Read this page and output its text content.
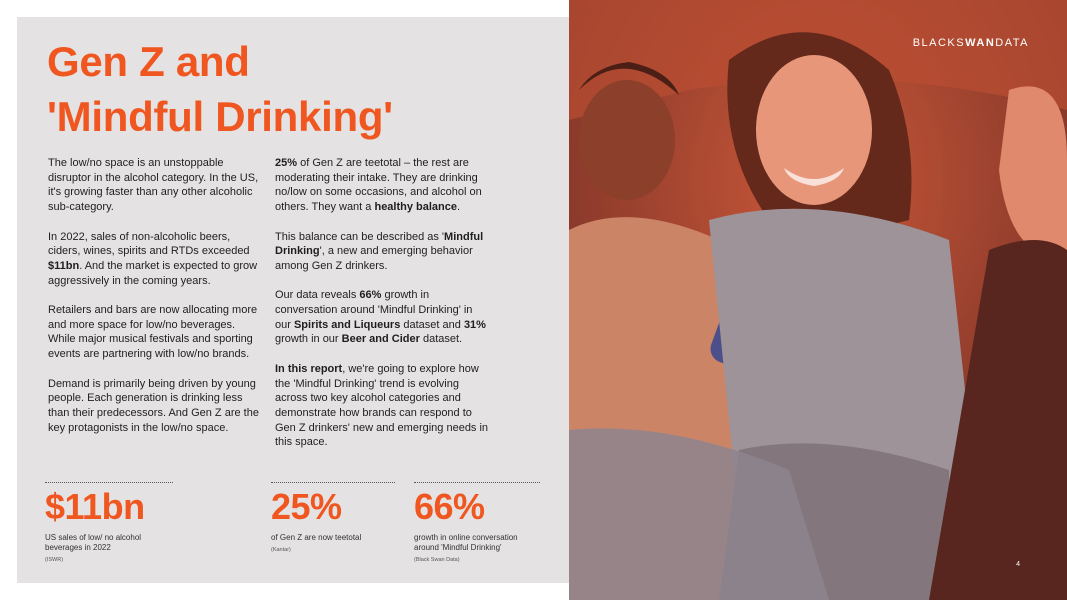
Gen Z and
'Mindful Drinking'

The low/no space is an unstoppable disruptor in the alcohol category. In the US, it's growing faster than any other alcoholic sub-category.

In 2022, sales of non-alcoholic beers, ciders, wines, spirits and RTDs exceeded $11bn. And the market is expected to grow aggressively in the coming years.

Retailers and bars are now allocating more and more space for low/no beverages. While major musical festivals and sporting events are partnering with low/no brands.

Demand is primarily being driven by young people. Each generation is drinking less than their predecessors. And Gen Z are the key protagonists in the low/no space.

25% of Gen Z are teetotal – the rest are moderating their intake. They are drinking no/low on some occasions, and alcohol on others. They want a healthy balance.

This balance can be described as 'Mindful Drinking', a new and emerging behavior among Gen Z drinkers.

Our data reveals 66% growth in conversation around 'Mindful Drinking' in our Spirits and Liqueurs dataset and 31% growth in our Beer and Cider dataset.

In this report, we're going to explore how the 'Mindful Drinking' trend is evolving across two key alcohol categories and demonstrate how brands can respond to Gen Z drinkers' new and emerging needs in this space.

$11bn
US sales of low/ no alcohol beverages in 2022
(ISWR)
25%
of Gen Z are now teetotal
(Kantar)
66%
growth in online conversation around 'Mindful Drinking'
(Black Swan Data)
BLACKSWANDATA
4
